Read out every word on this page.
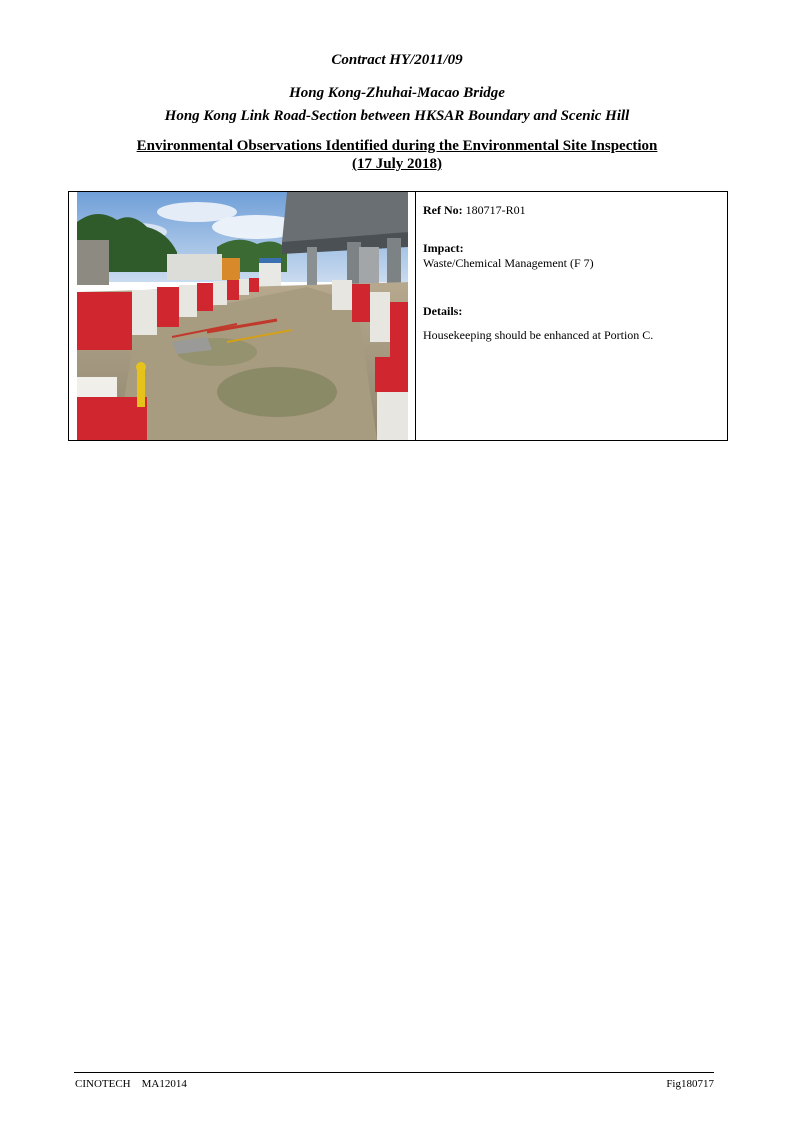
Contract HY/2011/09
Hong Kong-Zhuhai-Macao Bridge
Hong Kong Link Road-Section between HKSAR Boundary and Scenic Hill
Environmental Observations Identified during the Environmental Site Inspection
(17 July 2018)
Ref No: 180717-R01
Impact:
Waste/Chemical Management (F 7)
Details:
Housekeeping should be enhanced at Portion C.
CINOTECH    MA12014	Fig180717
